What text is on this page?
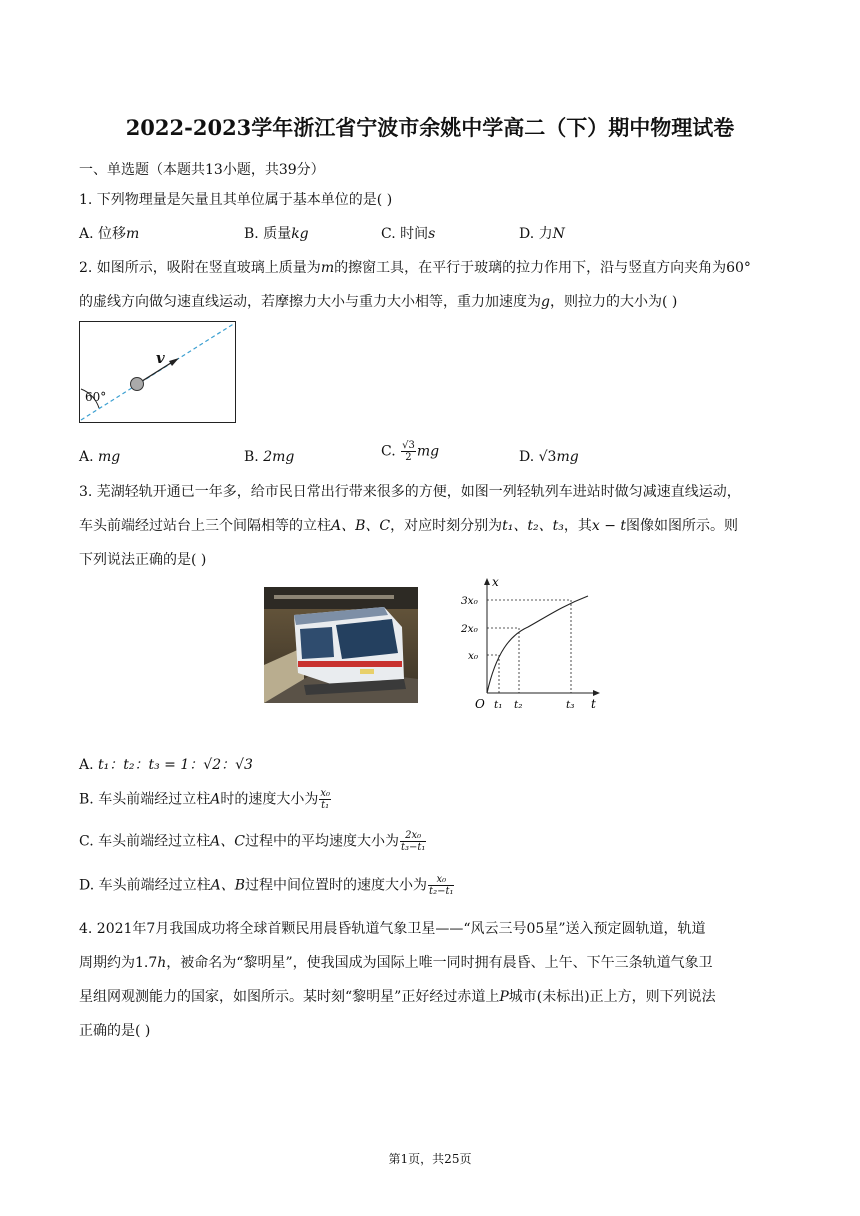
2022-2023学年浙江省宁波市余姚中学高二（下）期中物理试卷
一、单选题（本题共13小题，共39分）
1. 下列物理量是矢量且其单位属于基本单位的是( )
A. 位移m	B. 质量kg	C. 时间s	D. 力N
2. 如图所示，吸附在竖直玻璃上质量为m的擦窗工具，在平行于玻璃的拉力作用下，沿与竖直方向夹角为60°
的虚线方向做匀速直线运动，若摩擦力大小与重力大小相等，重力加速度为g，则拉力的大小为( )
v
60°
A. mg	B. 2mg	C. $\frac{√3}{2}$ mg	D. √3mg
3. 芜湖轻轨开通已一年多，给市民日常出行带来很多的方便，如图一列轻轨列车进站时做匀减速直线运动，
车头前端经过站台上三个间隔相等的立柱A、B、C，对应时刻分别为t₁、t₂、t₃，其x − t图像如图所示。则
下列说法正确的是( )
x
t
O
3x₀
2x₀
x₀
t₁ t₂	t₃
A. t₁：t₂：t₃ = 1：√2：√3
B. 车头前端经过立柱A时的速度大小为 $\frac{\text{x₀}}{\text{t₁}}$
C. 车头前端经过立柱A、C过程中的平均速度大小为 $\frac{\text{2x₀}}{\text{t₃−t₁}}$
D. 车头前端经过立柱A、B过程中间位置时的速度大小为 $\frac{\text{x₀}}{\text{t₂−t₁}}$
4. 2021年7月我国成功将全球首颗民用晨昏轨道气象卫星——“风云三号05星”送入预定圆轨道，轨道
周期约为1.7h，被命名为“黎明星”，使我国成为国际上唯一同时拥有晨昏、上午、下午三条轨道气象卫
星组网观测能力的国家，如图所示。某时刻“黎明星”正好经过赤道上P城市(未标出)正上方，则下列说法
正确的是( )
第1页，共25页
